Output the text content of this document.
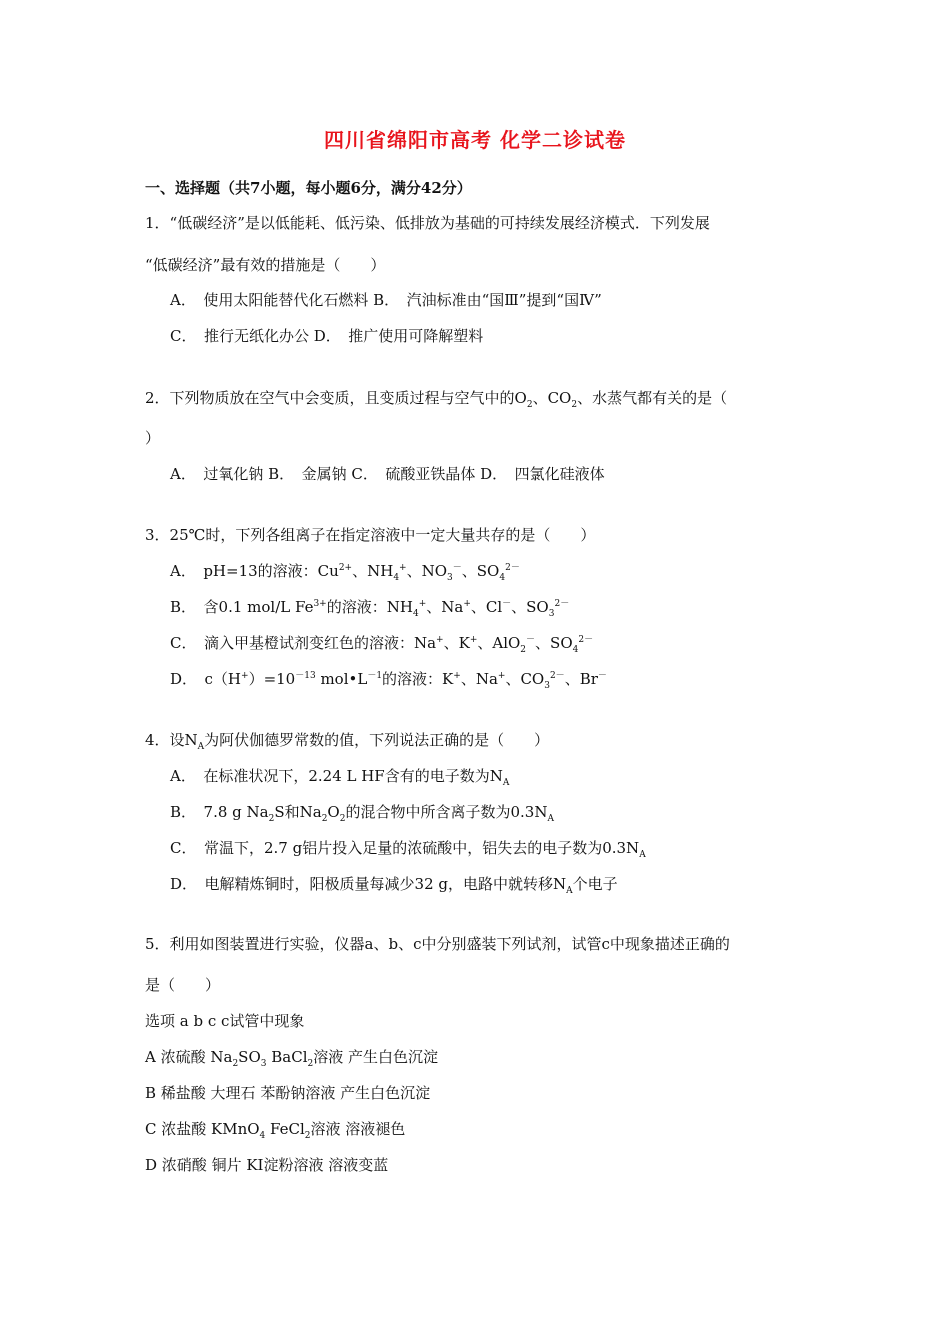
四川省绵阳市高考 化学二诊试卷
一、选择题（共7小题，每小题6分，满分42分）
1．“低碳经济”是以低能耗、低污染、低排放为基础的可持续发展经济模式．下列发展
“低碳经济”最有效的措施是（　　）
A．　使用太阳能替代化石燃料 B．　汽油标准由“国Ⅲ”提到“国Ⅳ”
C．　推行无纸化办公 D．　推广使用可降解塑料
2．下列物质放在空气中会变质，且变质过程与空气中的$O_2$、$CO_2$、水蒸气都有关的是（
）
A．　过氧化钠 B．　金属钠 C．　硫酸亚铁晶体 D．　四氯化硅液体
3．25℃时，下列各组离子在指定溶液中一定大量共存的是（　　）
A．　pH=13的溶液：$Cu^{2+}$、$NH_4^+$、$NO_3^-$、$SO_4^{2-}$
B．　含0.1 mol/L $Fe^{3+}$的溶液：$NH_4^+$、Na+、Cl－、$SO_3^{2-}$
C．　滴入甲基橙试剂变红色的溶液：Na+、K+、AlO$_2$－、$SO_4^{2-}$
D．　$c(H^+)=10^{-13}$ $mol•L^{-1}$的溶液：K+、Na+、$CO_3^{2-}$、Br－
4．设$N_A$为阿伏伽德罗常数的值，下列说法正确的是（　　）
A．　在标准状况下，2.24 L HF含有的电子数为$N_A$
B．　7.8 g $Na_2S$和$Na_2O_2$的混合物中所含离子数为$0.3N_A$
C．　常温下，2.7 g铝片投入足量的浓硫酸中，铝失去的电子数为$0.3N_A$
D．　电解精炼铜时，阳极质量每减少32 g，电路中就转移$N_A$个电子
5．利用如图装置进行实验，仪器a、b、c中分别盛装下列试剂，试管c中现象描述正确的
是（　　）
选项 a b c c试管中现象
A 浓硫酸 $Na_2SO_3$ BaCl$_2$溶液 产生白色沉淀
B 稀盐酸 大理石 苯酚钠溶液 产生白色沉淀
C 浓盐酸 KMnO$_4$ FeCl$_2$溶液 溶液褪色
D 浓硝酸 铜片 KI淀粉溶液 溶液变蓝
